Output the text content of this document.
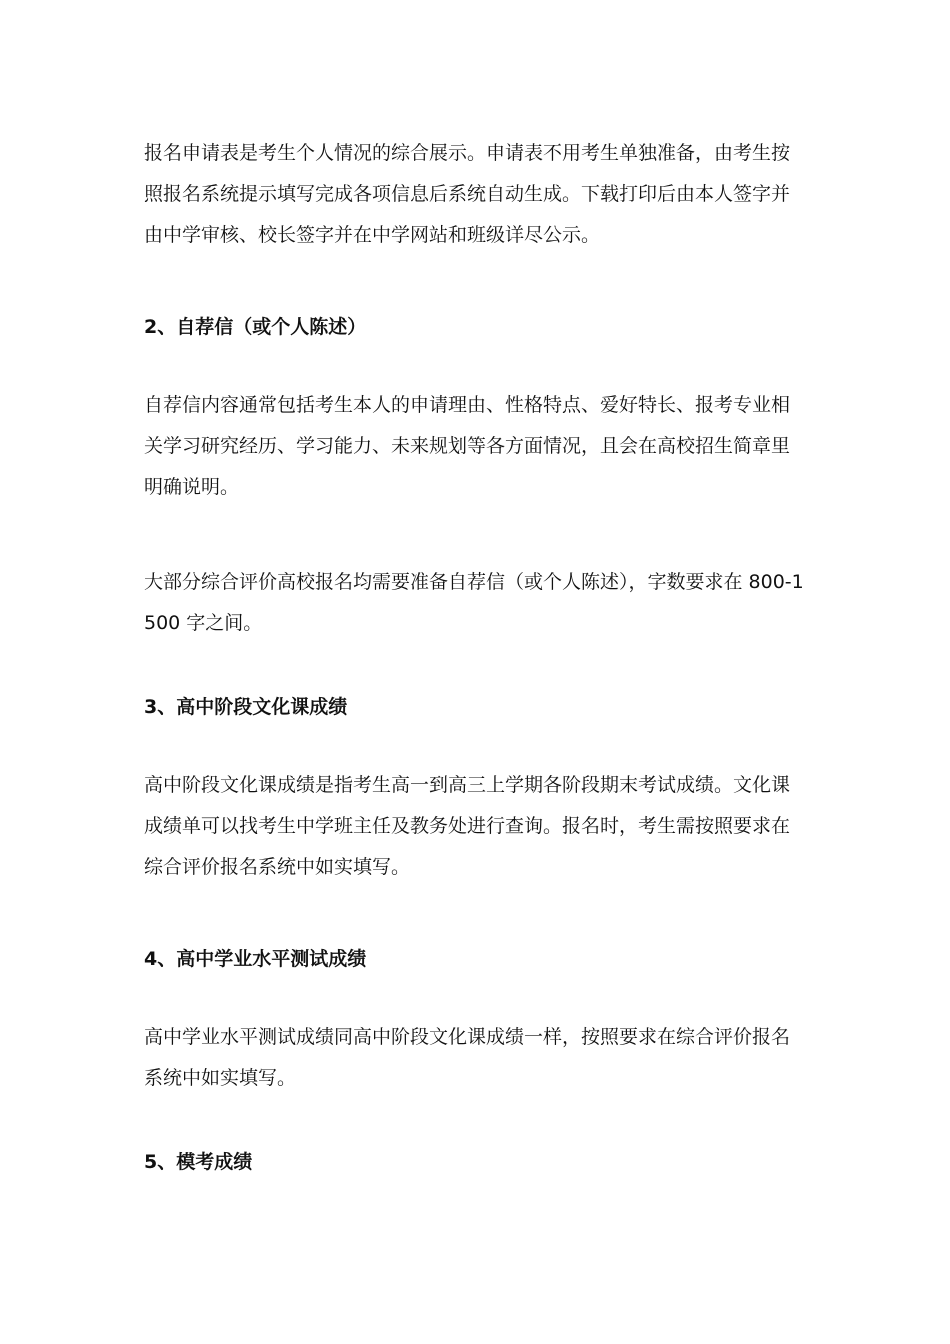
报名申请表是考生个人情况的综合展示。申请表不用考生单独准备，由考生按照报名系统提示填写完成各项信息后系统自动生成。下载打印后由本人签字并由中学审核、校长签字并在中学网站和班级详尽公示。

2、自荐信（或个人陈述）

自荐信内容通常包括考生本人的申请理由、性格特点、爱好特长、报考专业相关学习研究经历、学习能力、未来规划等各方面情况，且会在高校招生简章里明确说明。

大部分综合评价高校报名均需要准备自荐信（或个人陈述），字数要求在 800-1500 字之间。

3、高中阶段文化课成绩

高中阶段文化课成绩是指考生高一到高三上学期各阶段期末考试成绩。文化课成绩单可以找考生中学班主任及教务处进行查询。报名时，考生需按照要求在综合评价报名系统中如实填写。

4、高中学业水平测试成绩

高中学业水平测试成绩同高中阶段文化课成绩一样，按照要求在综合评价报名系统中如实填写。

5、模考成绩
